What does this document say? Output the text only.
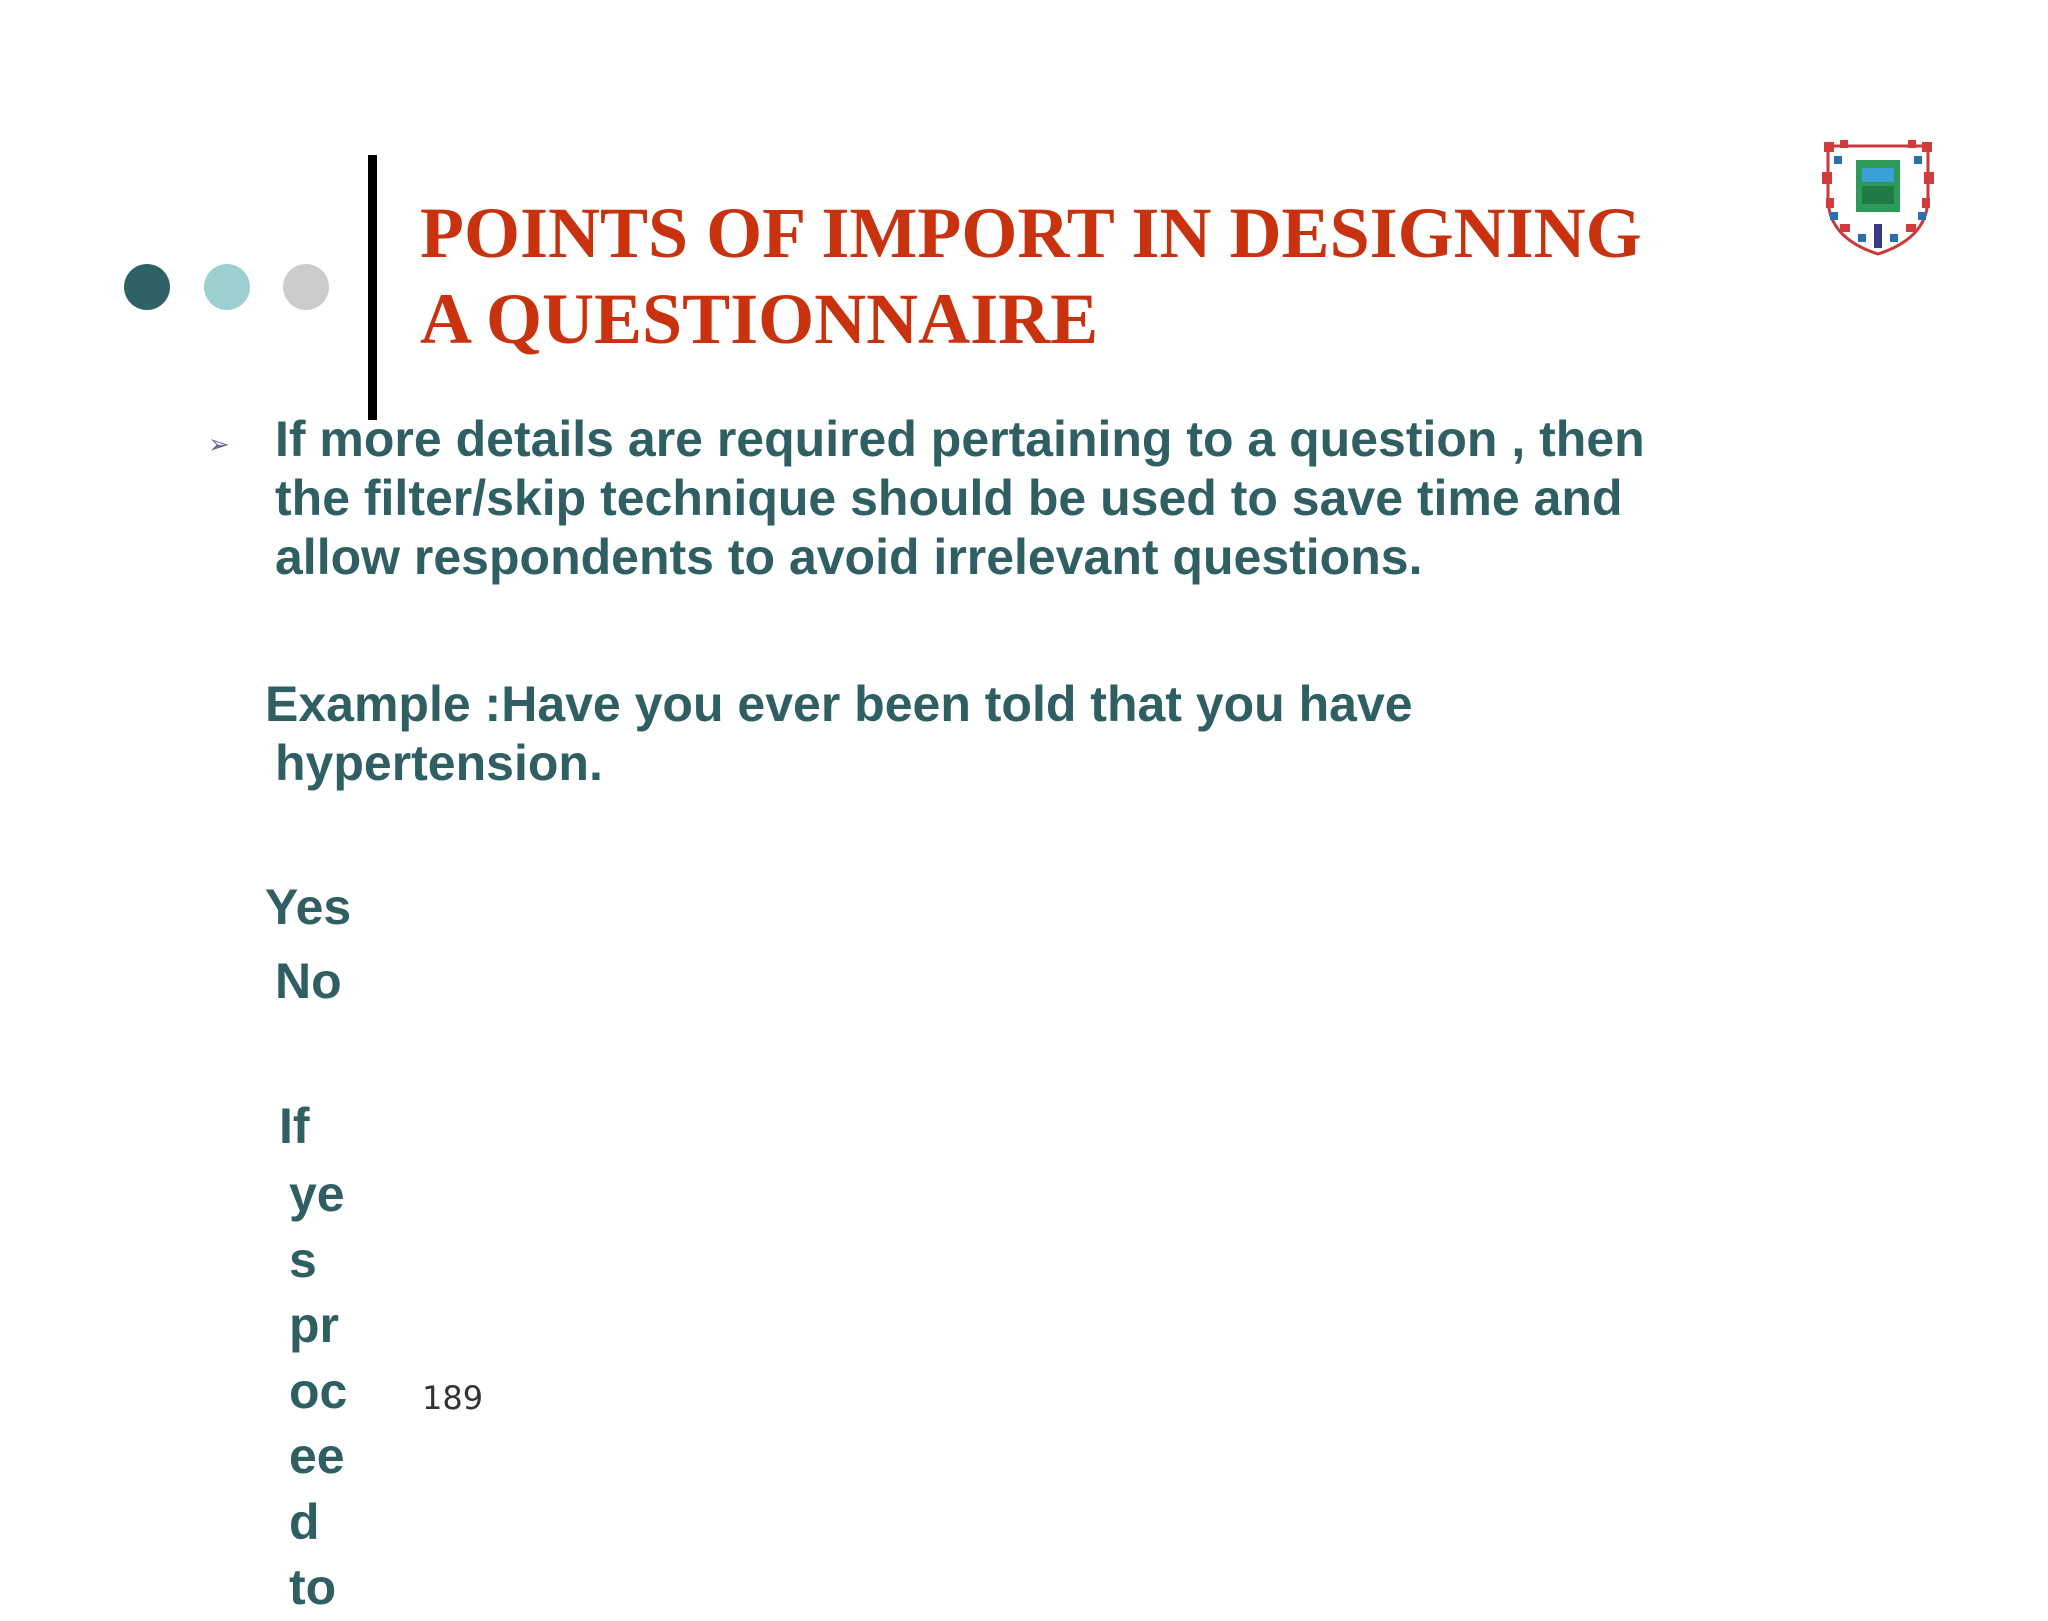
POINTS OF IMPORT IN DESIGNING
A QUESTIONNAIRE
➢ If more details are required pertaining to a question , then
the filter/skip technique should be used to save time and
allow respondents to avoid irrelevant questions.

Example :Have you ever been told that you have
hypertension.

Yes

No

If

ye
s
pr
oc
ee
d
to

189
